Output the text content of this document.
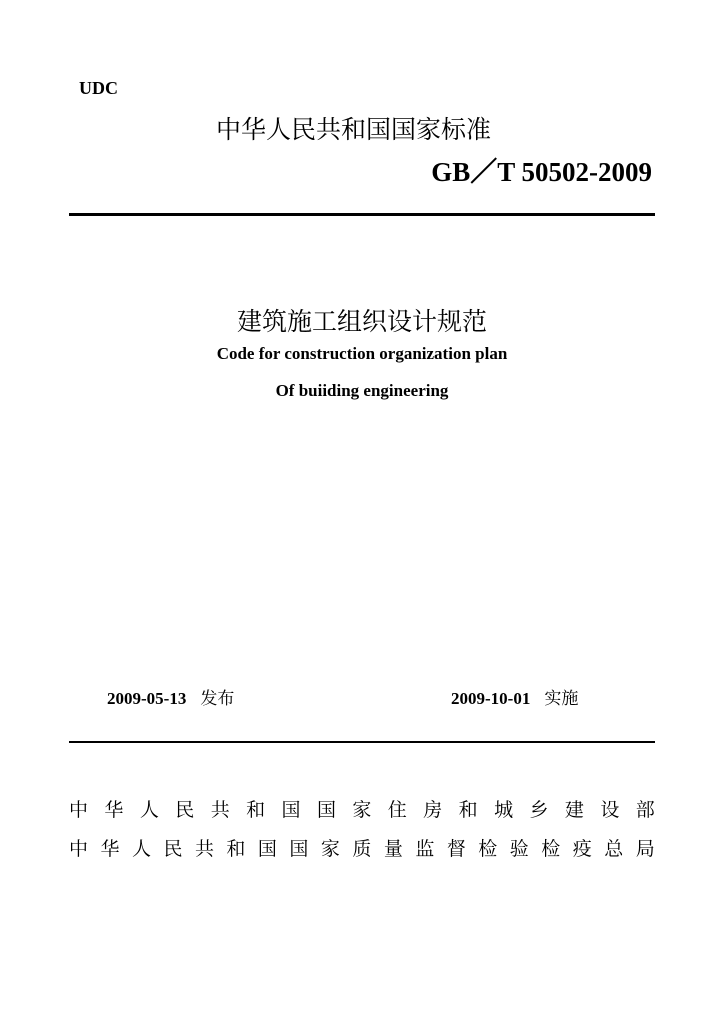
UDC
中华人民共和国国家标准
GB／T 50502-2009
建筑施工组织设计规范
Code for construction organization plan
Of buiiding engineering
2009-05-13 发布	2009-10-01 实施
中 华 人 民 共 和 国 国 家 住 房 和 城 乡 建 设 部
中 华 人 民 共 和 国 国 家 质 量 监 督 检 验 检 疫 总 局
